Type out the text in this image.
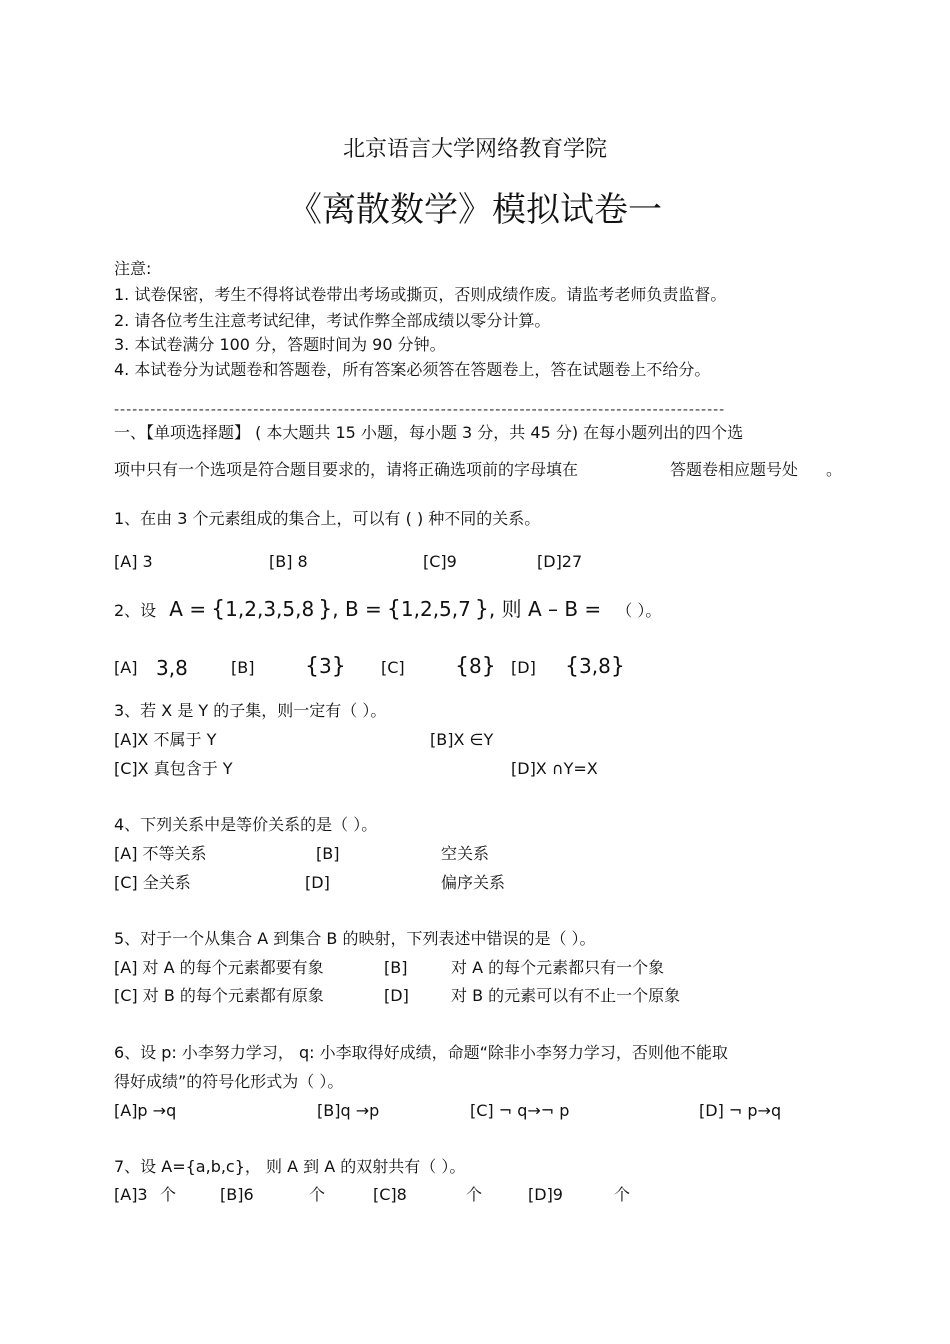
北京语言大学网络教育学院
《离散数学》模拟试卷一
注意:
1. 试卷保密，考生不得将试卷带出考场或撕页，否则成绩作废。请监考老师负责监督。
2. 请各位考生注意考试纪律，考试作弊全部成绩以零分计算。
3. 本试卷满分 100 分，答题时间为 90 分钟。
4. 本试卷分为试题卷和答题卷，所有答案必须答在答题卷上，答在试题卷上不给分。
-----------------------------------------------------------------------------------------------------
一、【单项选择题】 ( 本大题共 15 小题，每小题 3 分，共 45 分) 在每小题列出的四个选
项中只有一个选项是符合题目要求的，请将正确选项前的字母填在	答题卷相应题号处 。
1、在由 3 个元素组成的集合上，可以有 ( ) 种不同的关系。
[A] 3	[B] 8	[C]9	[D]27
2、设 A = {1,2,3,5,8 }, B = {1,2,5,7 }, 则 A – B = （ ）。
[A] 3,8	[B] {3} [C] {8} [D] {3,8}
3、若 X 是 Y 的子集，则一定有（ ）。
[A]X 不属于 Y	[B]X ∈Y
[C]X 真包含于 Y	[D]X ∩Y=X
4、下列关系中是等价关系的是（ ）。
[A] 不等关系	[B]	空关系
[C] 全关系	[D]	偏序关系
5、对于一个从集合 A 到集合 B 的映射，下列表述中错误的是（ ）。
[A] 对 A 的每个元素都要有象	[B]	对 A 的每个元素都只有一个象
[C] 对 B 的每个元素都有原象	[D]	对 B 的元素可以有不止一个原象
6、设 p: 小李努力学习， q: 小李取得好成绩，命题“除非小李努力学习，否则他不能取
得好成绩”的符号化形式为（ ）。
[A]p →q	[B]q →p	[C] ¬ q→¬ p	[D] ¬ p→q
7、设 A={a,b,c}， 则 A 到 A 的双射共有（ ）。
[A]3 个	[B]6	个	[C]8	个	[D]9	个
